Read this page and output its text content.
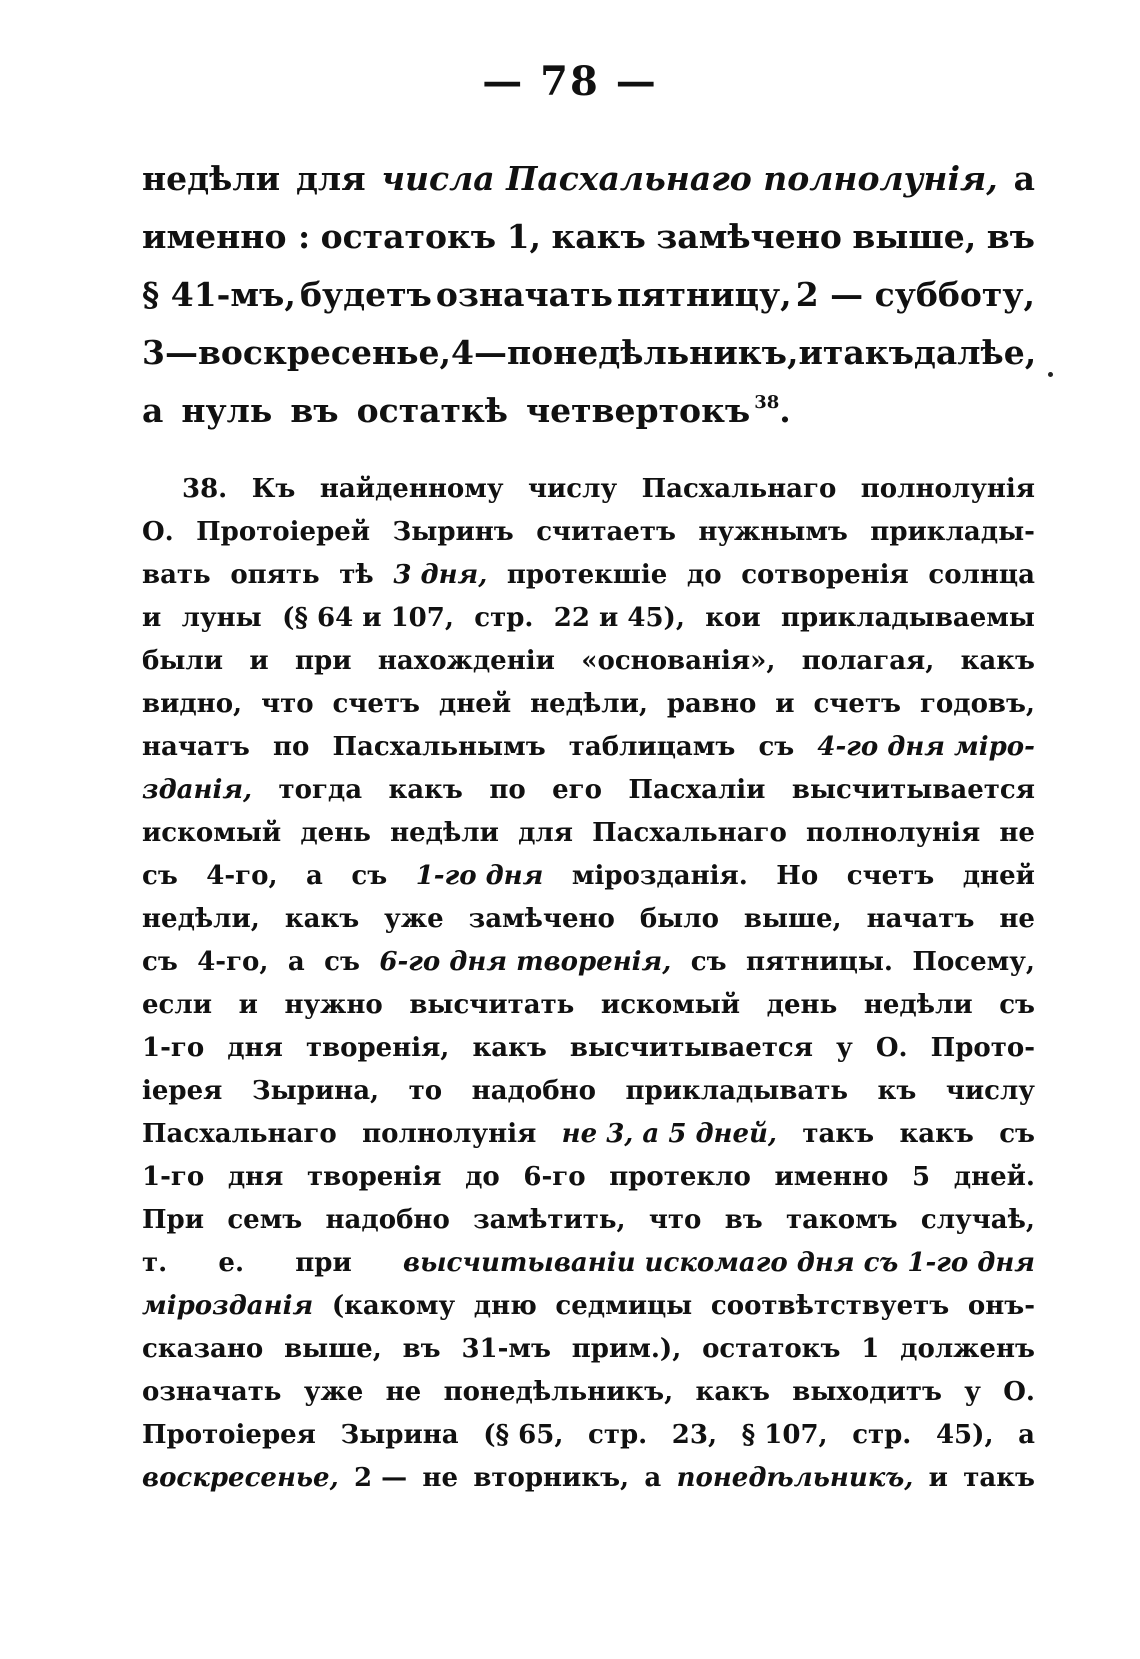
— 78 —
недѣли для числа Пасхальнаго полнолунія, а
именно : остатокъ 1, какъ замѣчено выше, въ
§ 41-мъ, будетъ означать пятницу, 2 — субботу,
3—воскресенье, 4—понедѣльникъ, и такъ далѣе,
а нуль въ остаткѣ четвертокъ $^{38}$.
38. Къ найденному числу Пасхальнаго полнолунія
О. Протоіерей Зыринъ считаетъ нужнымъ приклады-
вать опять тѣ 3 дня, протекшіе до сотворенія солнца
и луны (§ 64 и 107, стр. 22 и 45), кои прикладываемы
были и при нахожденіи «основанія», полагая, какъ
видно, что счетъ дней недѣли, равно и счетъ годовъ,
начатъ по Пасхальнымъ таблицамъ съ 4-го дня міро-
зданія, тогда какъ по его Пасхаліи высчитывается
искомый день недѣли для Пасхальнаго полнолунія не
съ 4-го, а съ 1-го дня мірозданія. Но счетъ дней
недѣли, какъ уже замѣчено было выше, начатъ не
съ 4-го, а съ 6-го дня творенія, съ пятницы. Посему,
если и нужно высчитать искомый день недѣли съ
1-го дня творенія, какъ высчитывается у О. Прото-
іерея Зырина, то надобно прикладывать къ числу
Пасхальнаго полнолунія не 3, а 5 дней, такъ какъ съ
1-го дня творенія до 6-го протекло именно 5 дней.
При семъ надобно замѣтить, что въ такомъ случаѣ,
т. е. при высчитываніи искомаго дня съ 1-го дня
мірозданія (какому дню седмицы соотвѣтствуетъ онъ-
сказано выше, въ 31-мъ прим.), остатокъ 1 долженъ
означать уже не понедѣльникъ, какъ выходитъ у О.
Протоіерея Зырина (§ 65, стр. 23, § 107, стр. 45), а
воскресенье, 2 — не вторникъ, а понедѣльникъ, и такъ
